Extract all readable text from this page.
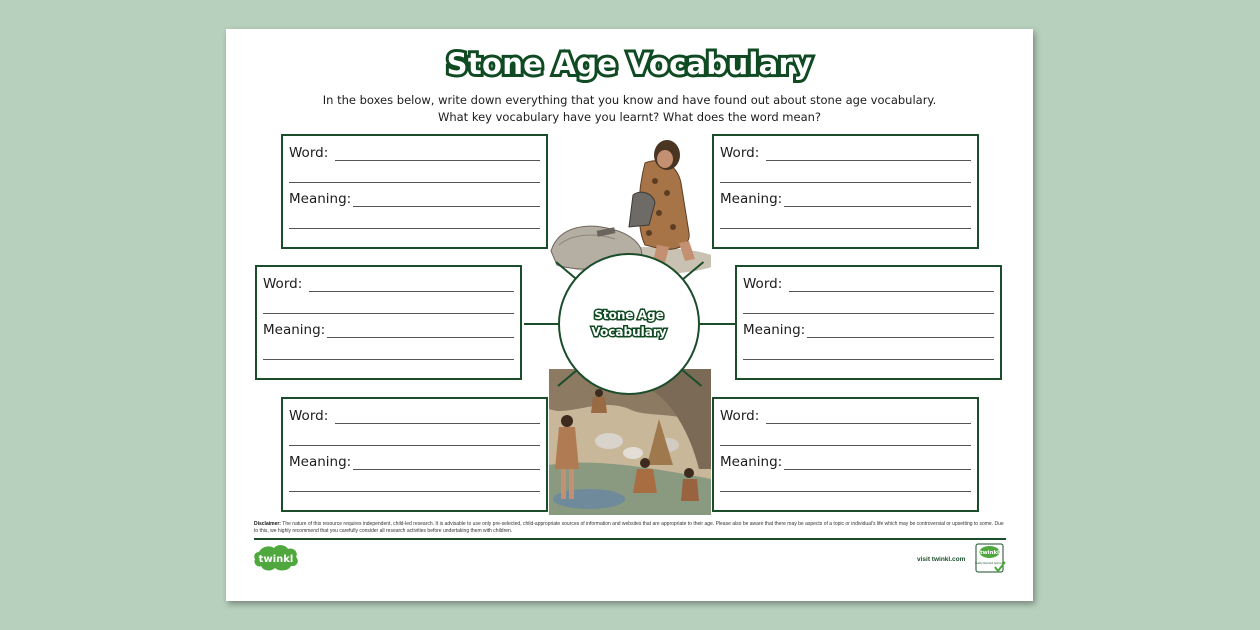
Stone Age Vocabulary
In the boxes below, write down everything that you know and have found out about stone age vocabulary.
What key vocabulary have you learnt? What does the word mean?
Word:
Meaning:
Word:
Meaning:
Word:
Meaning:
Word:
Meaning:
Word:
Meaning:
Word:
Meaning:
Stone Age Vocabulary
Disclaimer: The nature of this resource requires independent, child-led research. It is advisable to use only pre-selected, child-appropriate sources of information and websites that are appropriate to their age. Please also be aware that there may be aspects of a topic or individual's life which may be controversial or upsetting to some. Due to this, we highly recommend that you carefully consider all research activities before undertaking them with children.
twinkl	visit twinkl.com
twinkl
Quality Standard Approved
